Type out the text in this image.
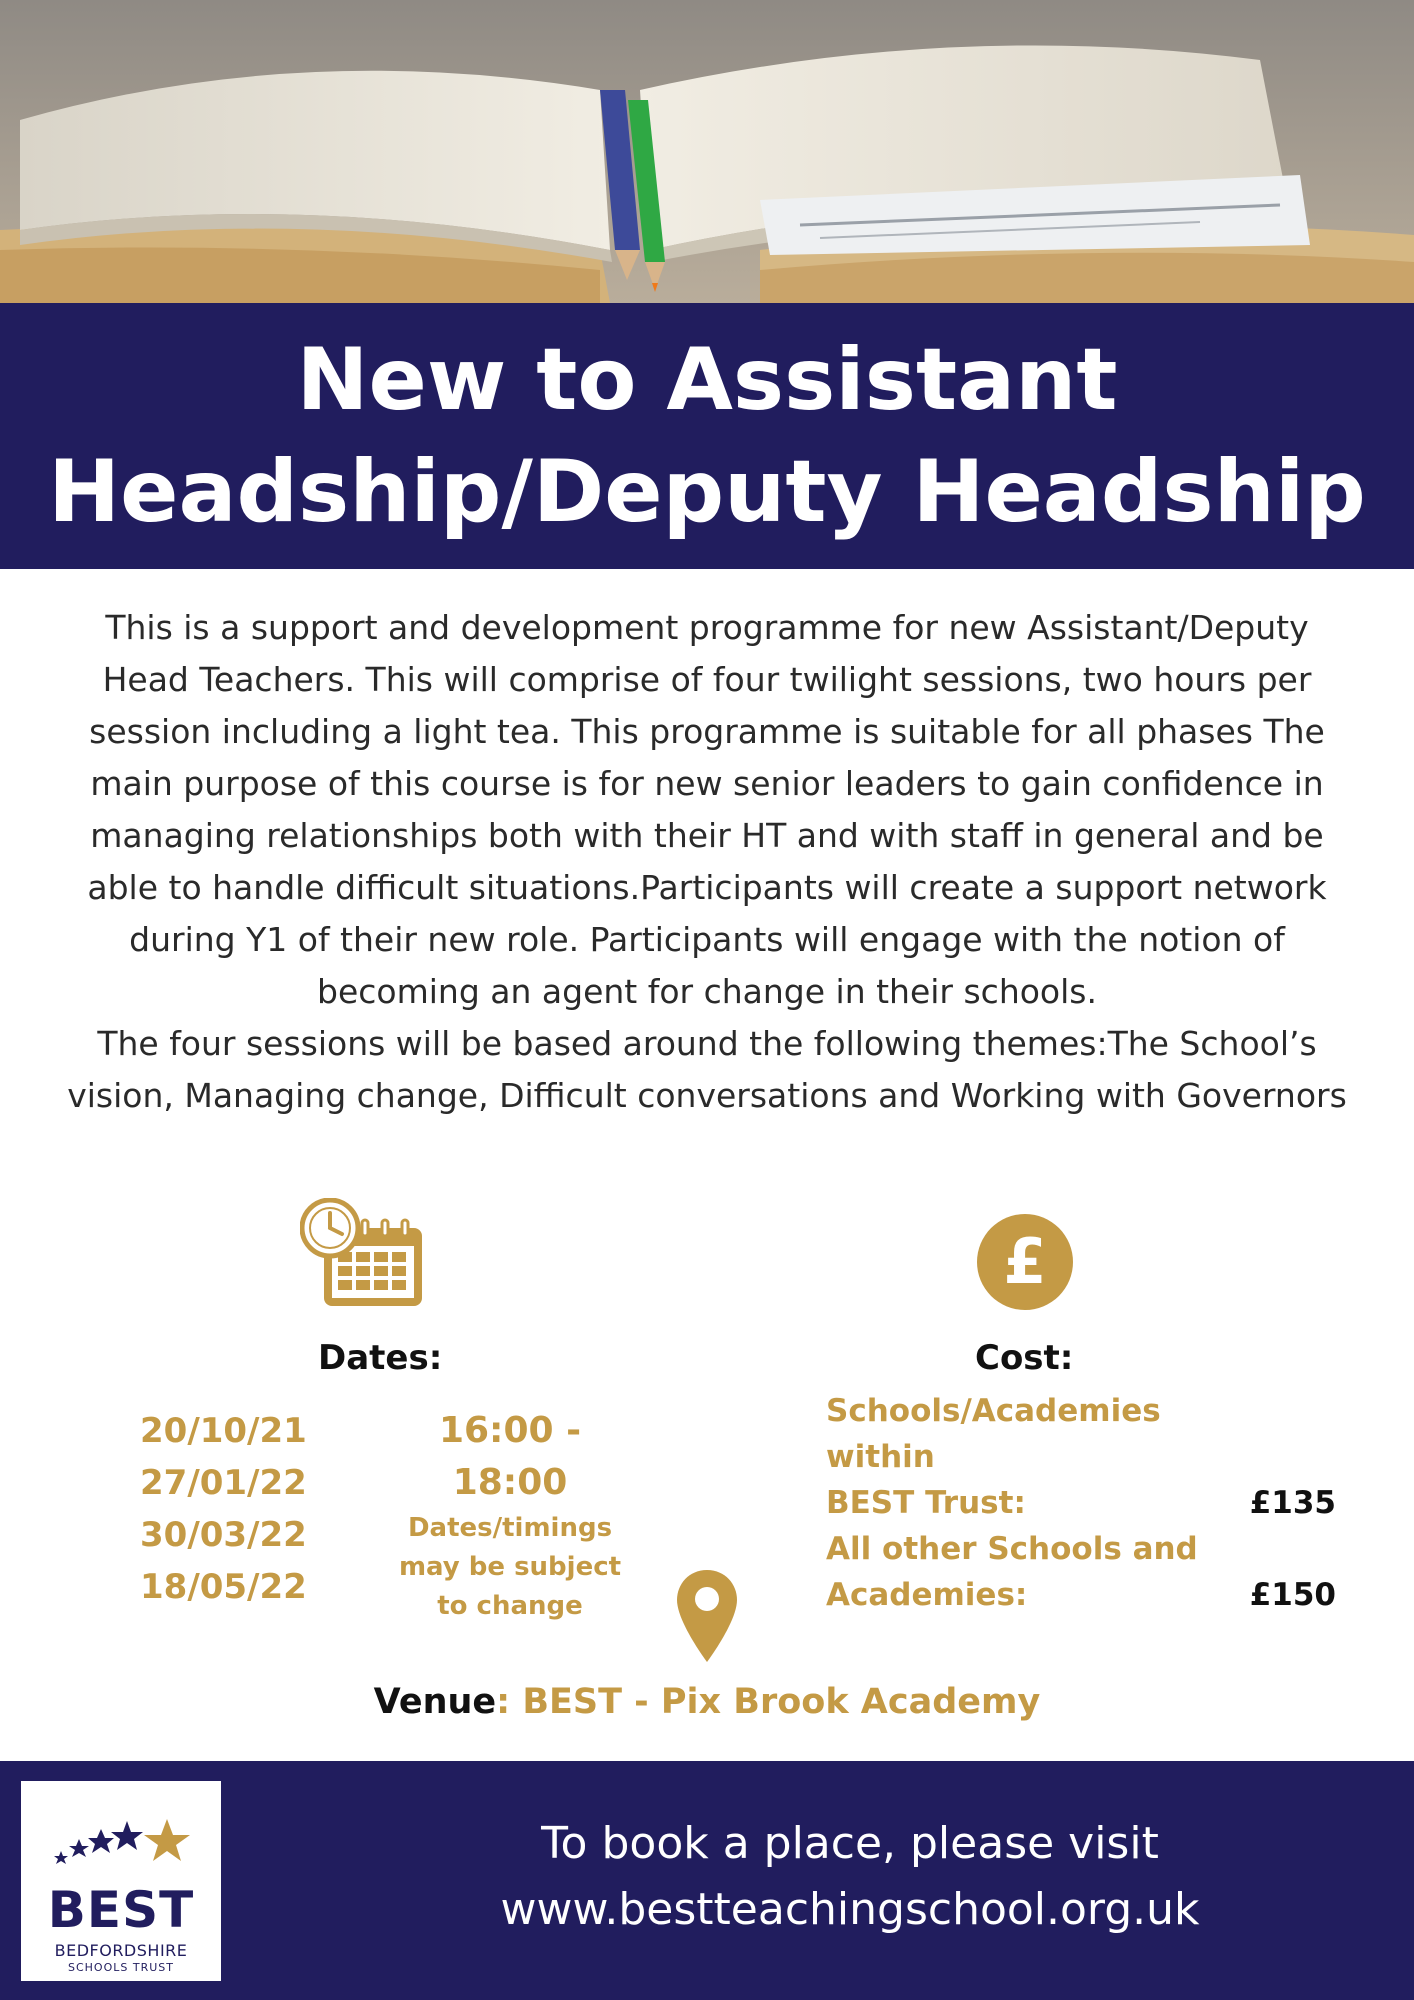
New to Assistant
Headship/Deputy Headship

This is a support and development programme for new Assistant/Deputy Head Teachers. This will comprise of four twilight sessions, two hours per session including a light tea. This programme is suitable for all phases The main purpose of this course is for new senior leaders to gain confidence in managing relationships both with their HT and with staff in general and be able to handle difficult situations.Participants will create a support network during Y1 of their new role. Participants will engage with the notion of becoming an agent for change in their schools.

The four sessions will be based around the following themes:The School’s vision, Managing change, Difficult conversations and Working with Governors

£
Dates:	Cost:
20/10/21
27/01/22
30/03/22
18/05/22
16:00 - 18:00
Dates/timings
may be subject
to change
Schools/Academies within
BEST Trust:	£135
All other Schools and
Academies:	£150
Venue: BEST - Pix Brook Academy
BEST
BEDFORDSHIRE
SCHOOLS TRUST
To book a place, please visit
www.bestteachingschool.org.uk
